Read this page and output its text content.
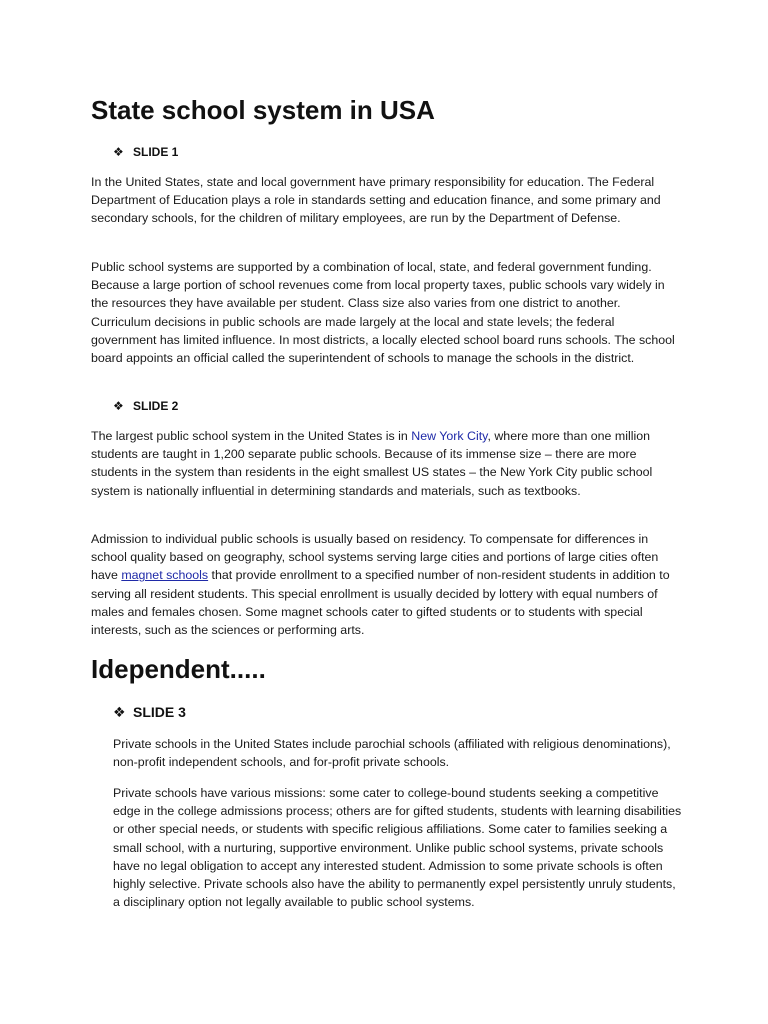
State school system in USA
❖ SLIDE 1

In the United States, state and local government have primary responsibility for education. The Federal Department of Education plays a role in standards setting and education finance, and some primary and secondary schools, for the children of military employees, are run by the Department of Defense.

Public school systems are supported by a combination of local, state, and federal government funding. Because a large portion of school revenues come from local property taxes, public schools vary widely in the resources they have available per student. Class size also varies from one district to another. Curriculum decisions in public schools are made largely at the local and state levels; the federal government has limited influence. In most districts, a locally elected school board runs schools. The school board appoints an official called the superintendent of schools to manage the schools in the district.

❖ SLIDE 2

The largest public school system in the United States is in New York City, where more than one million students are taught in 1,200 separate public schools. Because of its immense size – there are more students in the system than residents in the eight smallest US states – the New York City public school system is nationally influential in determining standards and materials, such as textbooks.

Admission to individual public schools is usually based on residency. To compensate for differences in school quality based on geography, school systems serving large cities and portions of large cities often have magnet schools that provide enrollment to a specified number of non-resident students in addition to serving all resident students. This special enrollment is usually decided by lottery with equal numbers of males and females chosen. Some magnet schools cater to gifted students or to students with special interests, such as the sciences or performing arts.

Idependent.....
❖ SLIDE 3

Private schools in the United States include parochial schools (affiliated with religious denominations), non-profit independent schools, and for-profit private schools.

Private schools have various missions: some cater to college-bound students seeking a competitive edge in the college admissions process; others are for gifted students, students with learning disabilities or other special needs, or students with specific religious affiliations. Some cater to families seeking a small school, with a nurturing, supportive environment. Unlike public school systems, private schools have no legal obligation to accept any interested student. Admission to some private schools is often highly selective. Private schools also have the ability to permanently expel persistently unruly students, a disciplinary option not legally available to public school systems.
